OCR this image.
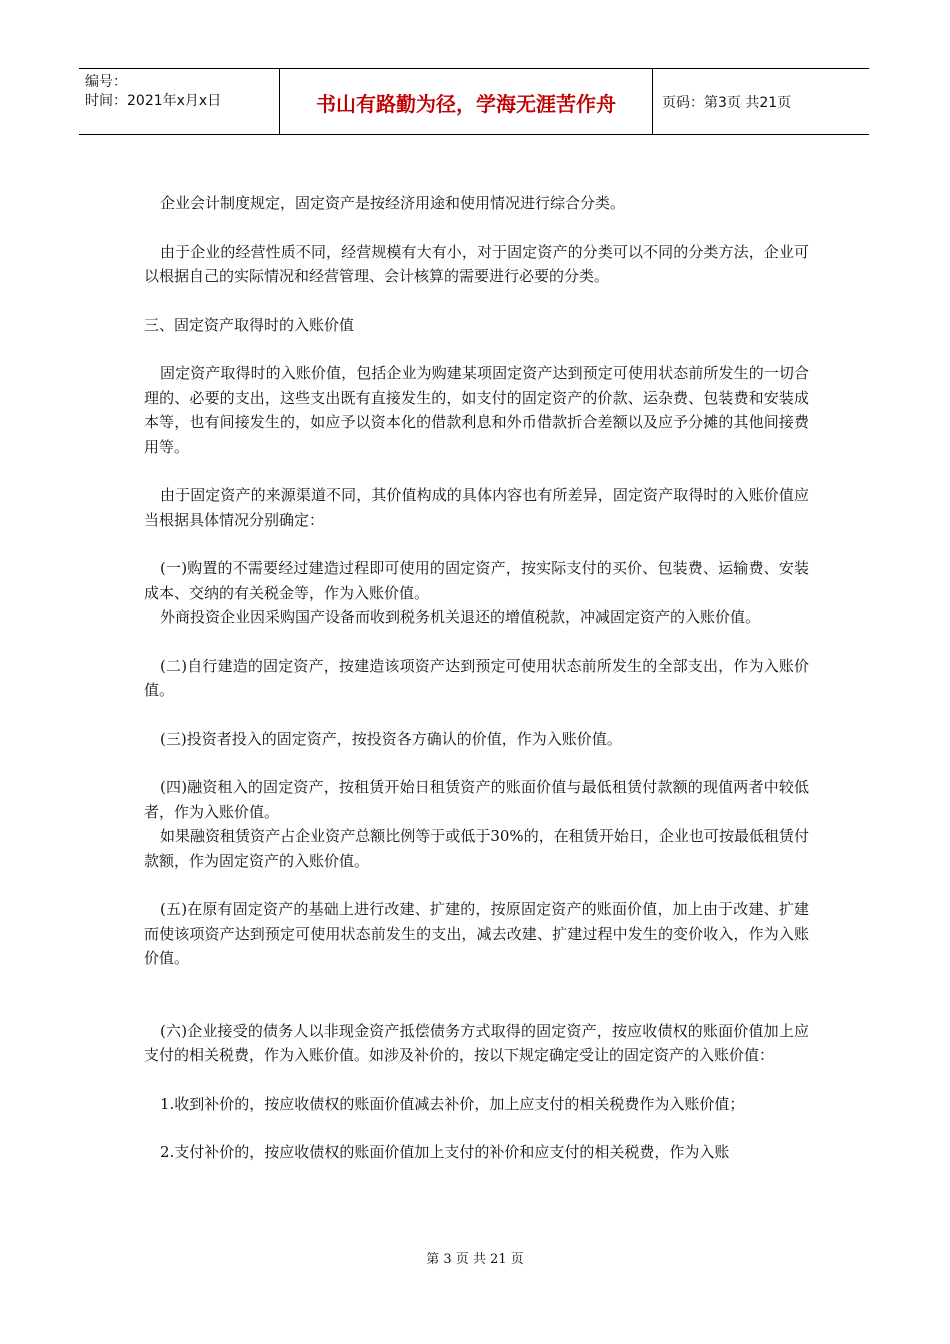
编号：
时间：2021年x月x日	书山有路勤为径，学海无涯苦作舟	页码：第3页 共21页

企业会计制度规定，固定资产是按经济用途和使用情况进行综合分类。

由于企业的经营性质不同，经营规模有大有小，对于固定资产的分类可以不同的分类方法，企业可以根据自己的实际情况和经营管理、会计核算的需要进行必要的分类。

三、固定资产取得时的入账价值

固定资产取得时的入账价值，包括企业为购建某项固定资产达到预定可使用状态前所发生的一切合理的、必要的支出，这些支出既有直接发生的，如支付的固定资产的价款、运杂费、包装费和安装成本等，也有间接发生的，如应予以资本化的借款利息和外币借款折合差额以及应予分摊的其他间接费用等。

由于固定资产的来源渠道不同，其价值构成的具体内容也有所差异，固定资产取得时的入账价值应当根据具体情况分别确定：

(一)购置的不需要经过建造过程即可使用的固定资产，按实际支付的买价、包装费、运输费、安装成本、交纳的有关税金等，作为入账价值。

外商投资企业因采购国产设备而收到税务机关退还的增值税款，冲减固定资产的入账价值。

(二)自行建造的固定资产，按建造该项资产达到预定可使用状态前所发生的全部支出，作为入账价值。

(三)投资者投入的固定资产，按投资各方确认的价值，作为入账价值。

(四)融资租入的固定资产，按租赁开始日租赁资产的账面价值与最低租赁付款额的现值两者中较低者，作为入账价值。

如果融资租赁资产占企业资产总额比例等于或低于30%的，在租赁开始日，企业也可按最低租赁付款额，作为固定资产的入账价值。

(五)在原有固定资产的基础上进行改建、扩建的，按原固定资产的账面价值，加上由于改建、扩建而使该项资产达到预定可使用状态前发生的支出，减去改建、扩建过程中发生的变价收入，作为入账价值。

(六)企业接受的债务人以非现金资产抵偿债务方式取得的固定资产，按应收债权的账面价值加上应支付的相关税费，作为入账价值。如涉及补价的，按以下规定确定受让的固定资产的入账价值：

1.收到补价的，按应收债权的账面价值减去补价，加上应支付的相关税费作为入账价值；

2.支付补价的，按应收债权的账面价值加上支付的补价和应支付的相关税费，作为入账

第 3 页 共 21 页
